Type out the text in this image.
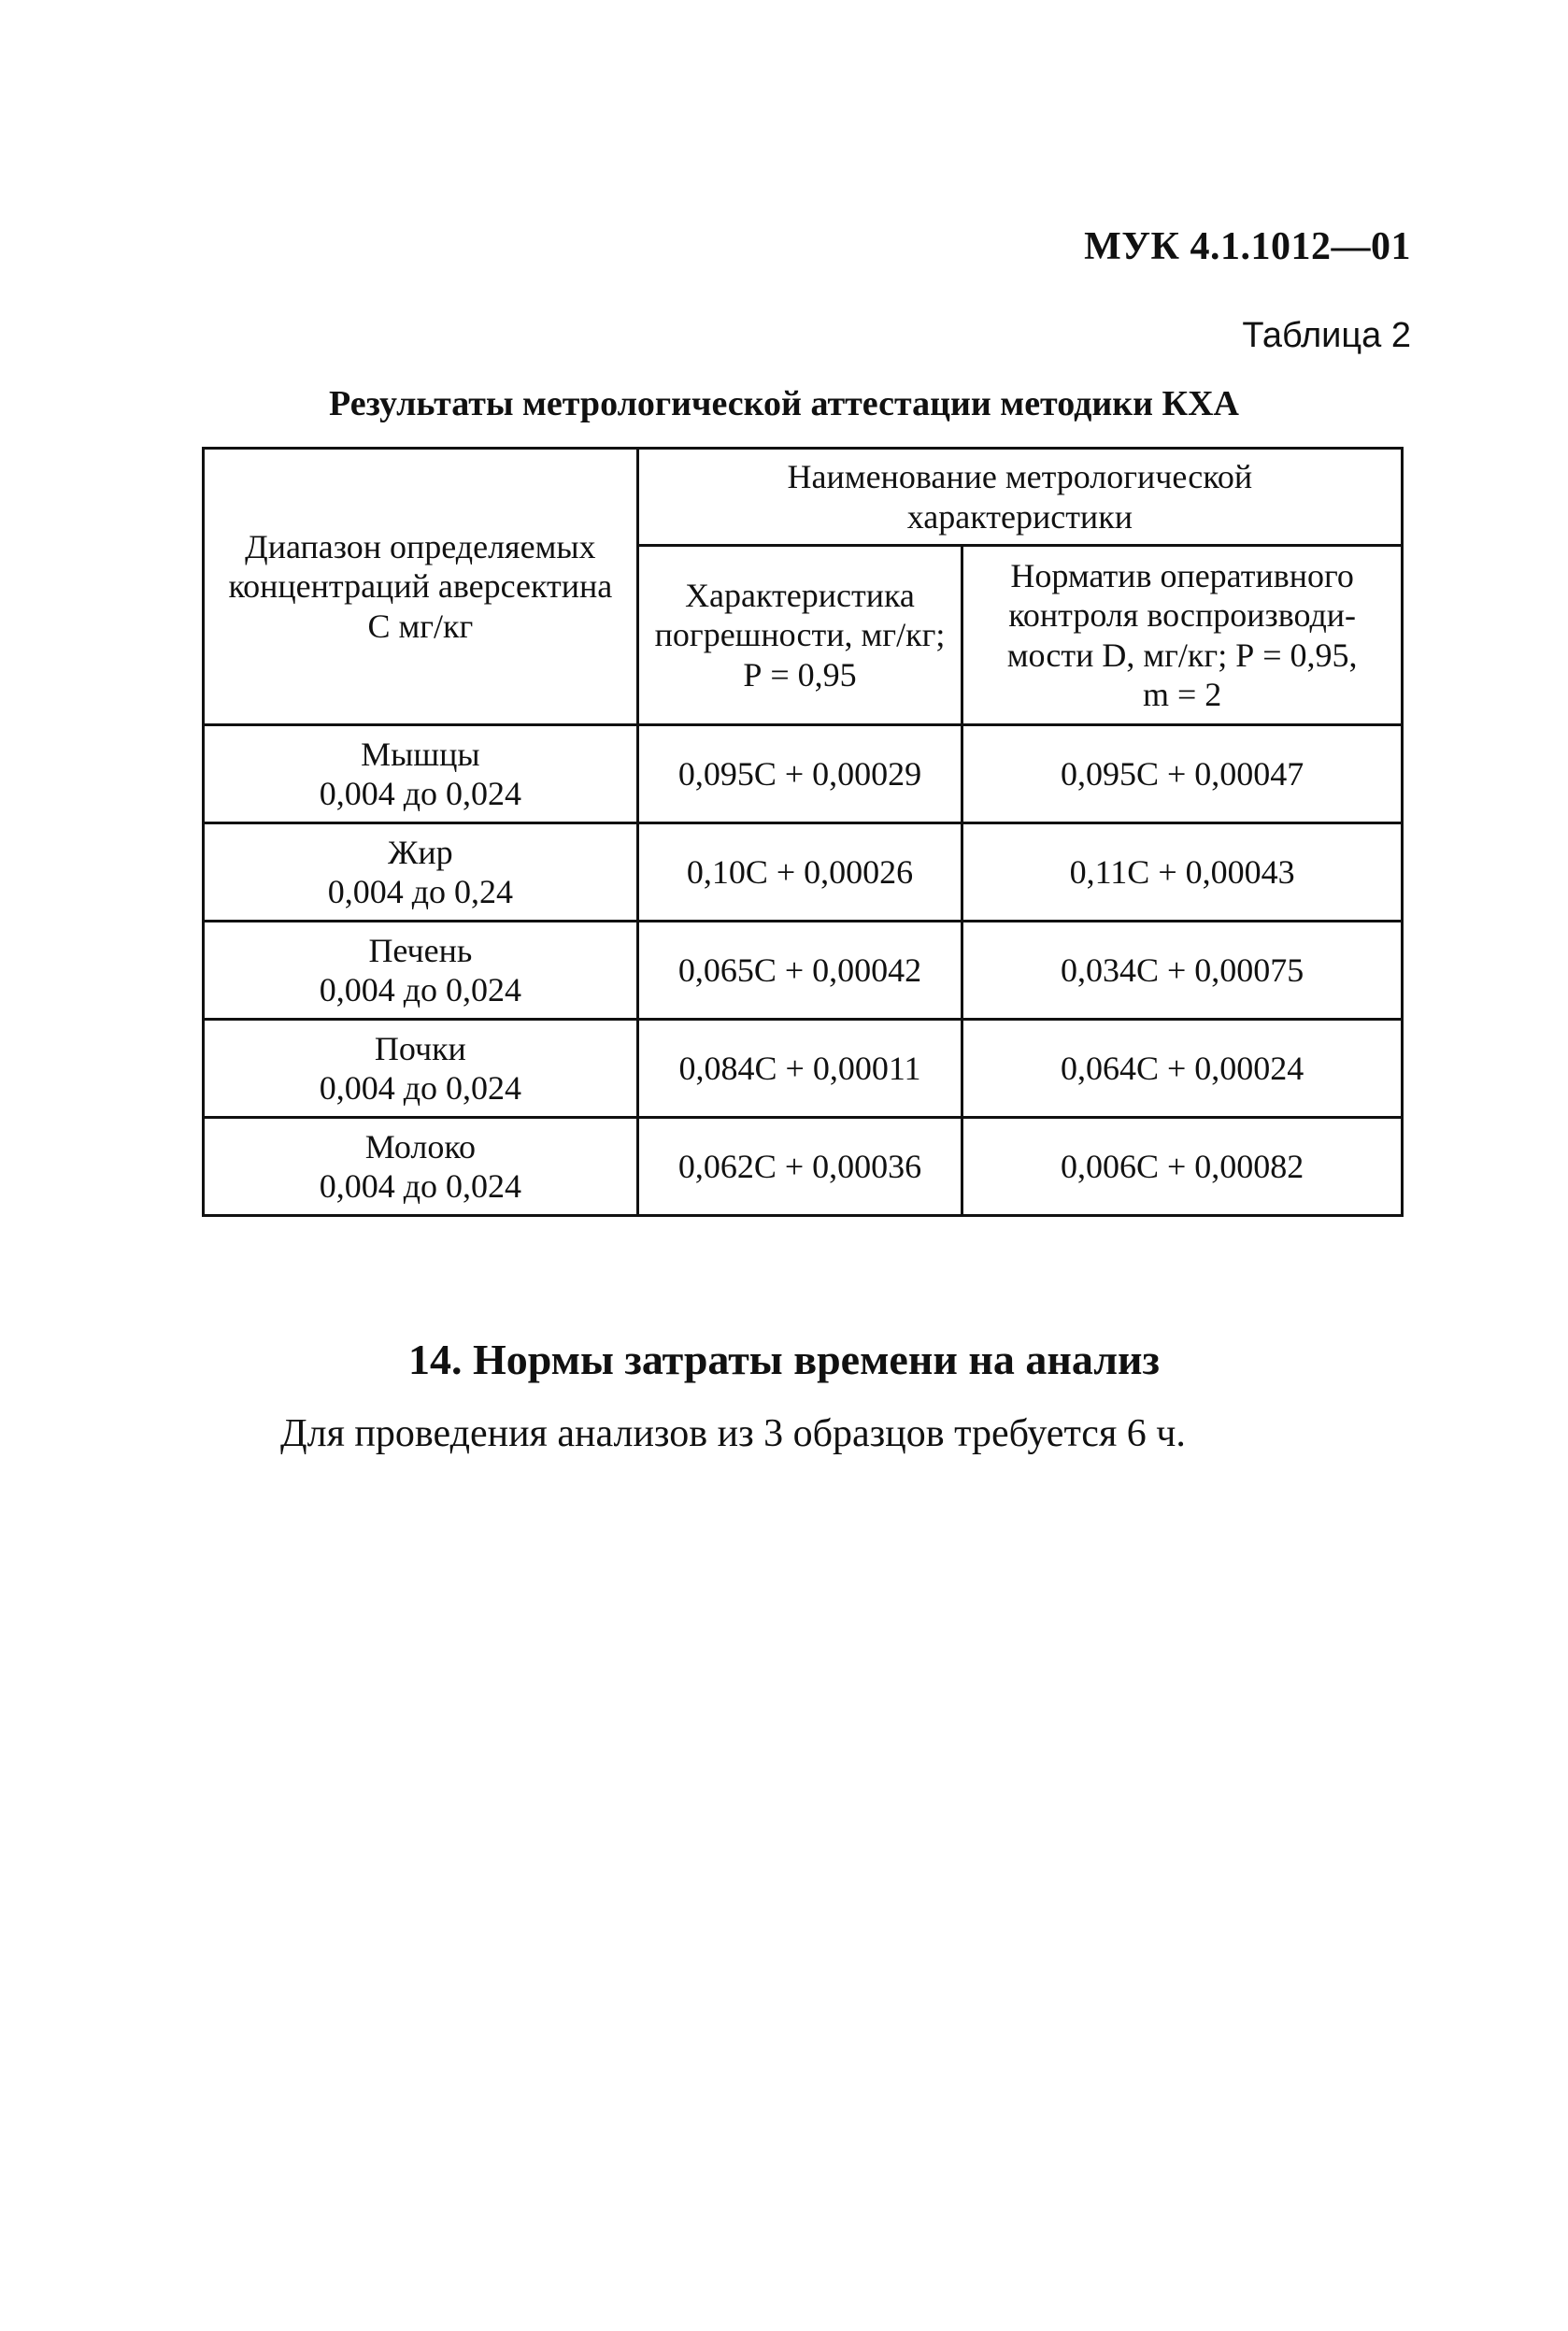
МУК 4.1.1012—01
Таблица 2
Результаты метрологической аттестации методики КХА
Диапазон определяемых
концентраций аверсектина
С мг/кг	Наименование метрологической
характеристики	

	Характеристика
погрешности, мг/кг;
Р = 0,95	Норматив оперативного
контроля воспроизводи-
мости D, мг/кг; Р = 0,95,
m = 2

Мышцы
0,004 до 0,024	0,095С + 0,00029	0,095С + 0,00047

Жир
0,004 до 0,24	0,10С + 0,00026	0,11С + 0,00043

Печень
0,004 до 0,024	0,065С + 0,00042	0,034С + 0,00075

Почки
0,004 до 0,024	0,084С + 0,00011	0,064С + 0,00024

Молоко
0,004 до 0,024	0,062С + 0,00036	0,006С + 0,00082
14. Нормы затраты времени на анализ
Для проведения анализов из 3 образцов требуется 6 ч.
